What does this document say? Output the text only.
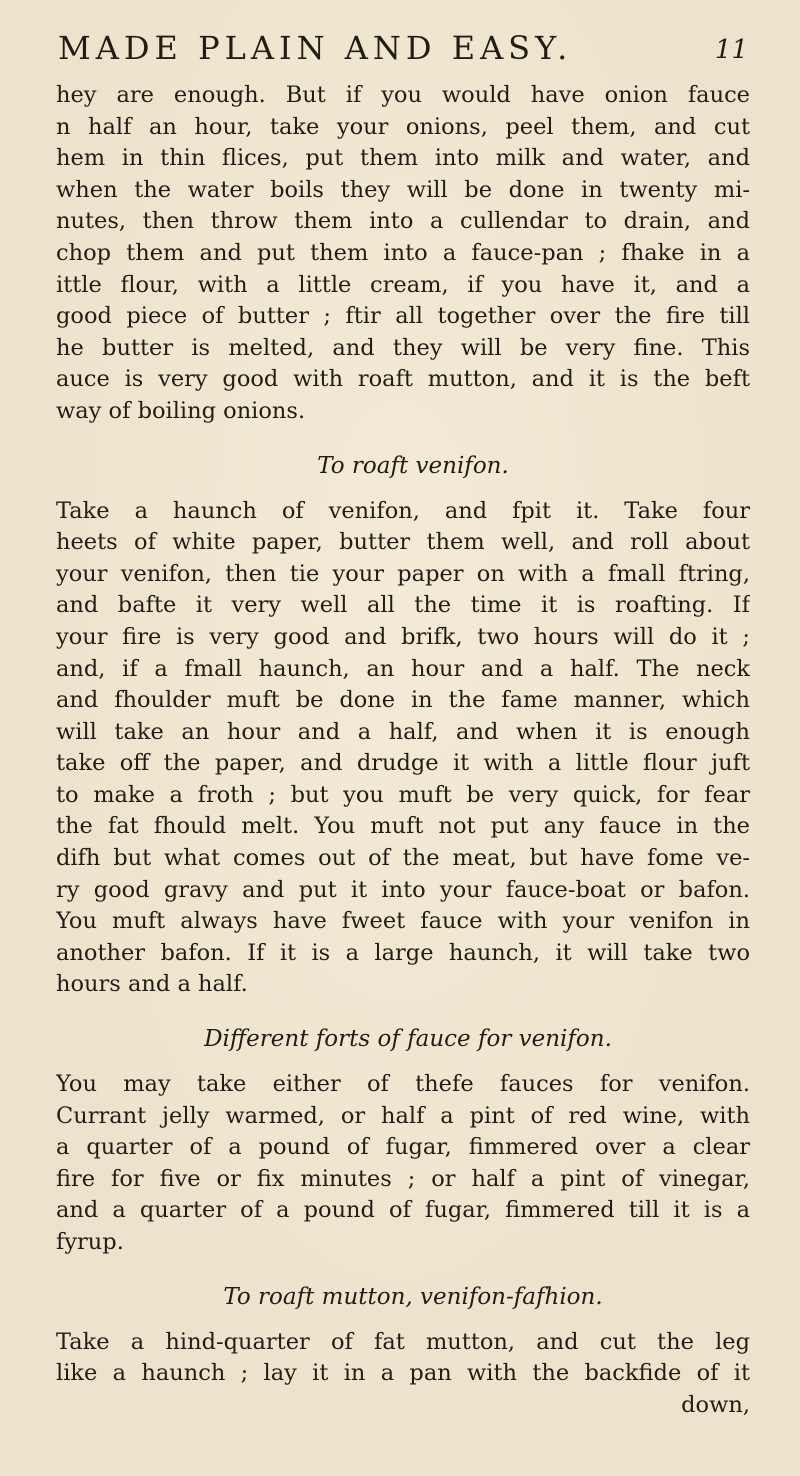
MADE PLAIN AND EASY.	11
hey are enough. But if you would have onion fauce
n half an hour, take your onions, peel them, and cut
hem in thin flices, put them into milk and water, and
when the water boils they will be done in twenty mi-
nutes, then throw them into a cullendar to drain, and
chop them and put them into a fauce-pan ; fhake in a
ittle flour, with a little cream, if you have it, and a
good piece of butter ; ftir all together over the fire till
he butter is melted, and they will be very fine. This
auce is very good with roaft mutton, and it is the beft
way of boiling onions.
To roaft venifon.
Take a haunch of venifon, and fpit it. Take four
heets of white paper, butter them well, and roll about
your venifon, then tie your paper on with a fmall ftring,
and bafte it very well all the time it is roafting. If
your fire is very good and brifk, two hours will do it ;
and, if a fmall haunch, an hour and a half. The neck
and fhoulder muft be done in the fame manner, which
will take an hour and a half, and when it is enough
take off the paper, and drudge it with a little flour juft
to make a froth ; but you muft be very quick, for fear
the fat fhould melt. You muft not put any fauce in the
difh but what comes out of the meat, but have fome ve-
ry good gravy and put it into your fauce-boat or bafon.
You muft always have fweet fauce with your venifon in
another bafon. If it is a large haunch, it will take two
hours and a half.
Different forts of fauce for venifon.
You may take either of thefe fauces for venifon.
Currant jelly warmed, or half a pint of red wine, with
a quarter of a pound of fugar, fimmered over a clear
fire for five or fix minutes ; or half a pint of vinegar,
and a quarter of a pound of fugar, fimmered till it is a
fyrup.
To roaft mutton, venifon-fafhion.
Take a hind-quarter of fat mutton, and cut the leg
like a haunch ; lay it in a pan with the backfide of it
down,
